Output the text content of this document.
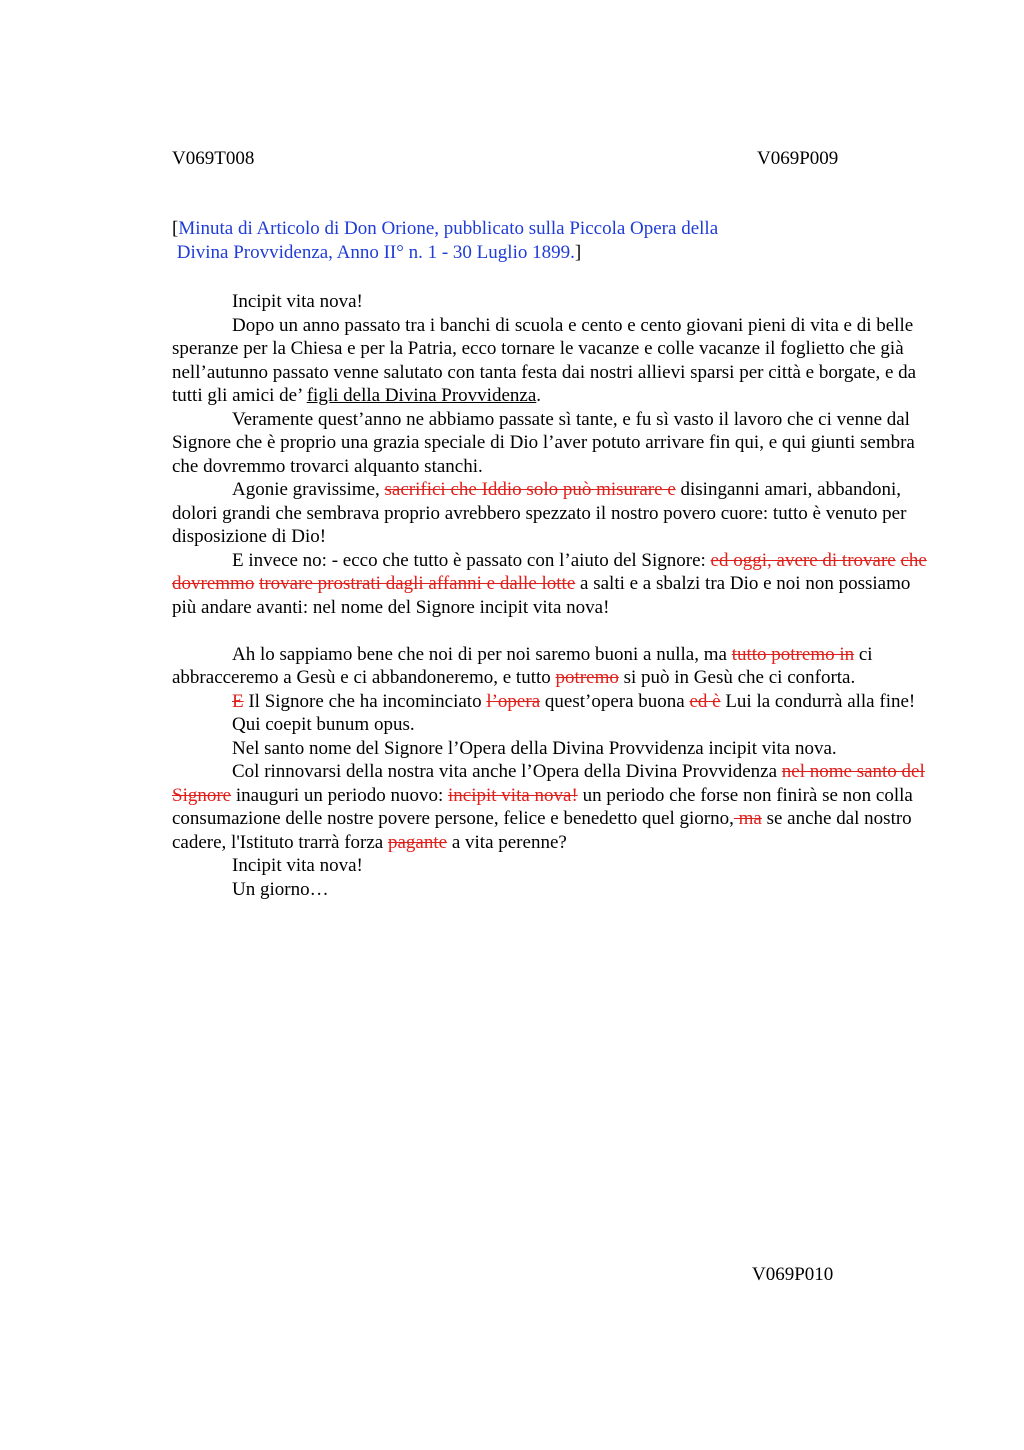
V069T008	V069P009
[Minuta di Articolo di Don Orione, pubblicato sulla Piccola Opera della
Divina Provvidenza, Anno II° n. 1 - 30 Luglio 1899.]

Incipit vita nova!

Dopo un anno passato tra i banchi di scuola e cento e cento giovani pieni di vita e di belle speranze per la Chiesa e per la Patria, ecco tornare le vacanze e colle vacanze il foglietto che già nell’autunno passato venne salutato con tanta festa dai nostri allievi sparsi per città e borgate, e da tutti gli amici de’ figli della Divina Provvidenza.

Veramente quest’anno ne abbiamo passate sì tante, e fu sì vasto il lavoro che ci venne dal Signore che è proprio una grazia speciale di Dio l’aver potuto arrivare fin qui, e qui giunti sembra che dovremmo trovarci alquanto stanchi.

Agonie gravissime, sacrifici che Iddio solo può misurare e disinganni amari, abbandoni, dolori grandi che sembrava proprio avrebbero spezzato il nostro povero cuore: tutto è venuto per disposizione di Dio!

E invece no: - ecco che tutto è passato con l’aiuto del Signore: ed oggi, avere di trovare che dovremmo trovare prostrati dagli affanni e dalle lotte a salti e a sbalzi tra Dio e noi non possiamo più andare avanti: nel nome del Signore incipit vita nova!

Ah lo sappiamo bene che noi di per noi saremo buoni a nulla, ma tutto potremo in ci abbracceremo a Gesù e ci abbandoneremo, e tutto potremo si può in Gesù che ci conforta.

E Il Signore che ha incominciato l’opera quest’opera buona ed è Lui la condurrà alla fine!

Qui coepit bunum opus.

Nel santo nome del Signore l’Opera della Divina Provvidenza incipit vita nova.

Col rinnovarsi della nostra vita anche l’Opera della Divina Provvidenza nel nome santo del Signore inauguri un periodo nuovo: incipit vita nova! un periodo che forse non finirà se non colla consumazione delle nostre povere persone, felice e benedetto quel giorno, ma se anche dal nostro cadere, l'Istituto trarrà forza pagante a vita perenne?

Incipit vita nova!

Un giorno…

V069P010
